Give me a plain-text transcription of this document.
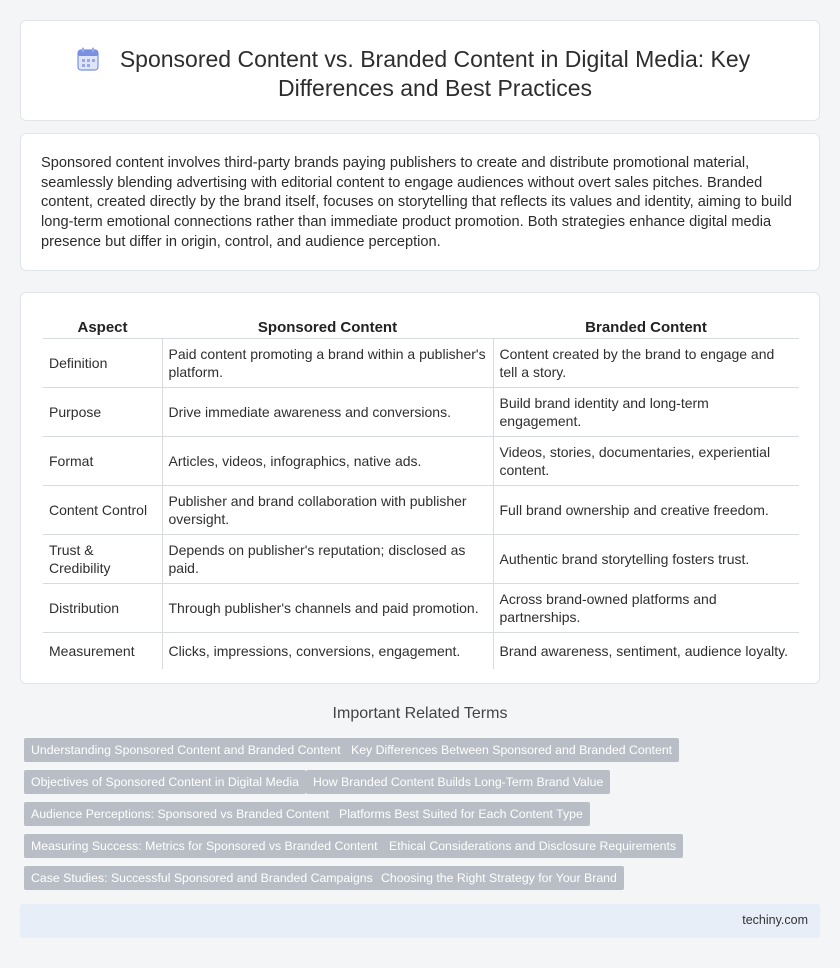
Sponsored Content vs. Branded Content in Digital Media: Key
Differences and Best Practices

Sponsored content involves third-party brands paying publishers to create and distribute promotional material, seamlessly blending advertising with editorial content to engage audiences without overt sales pitches. Branded content, created directly by the brand itself, focuses on storytelling that reflects its values and identity, aiming to build long-term emotional connections rather than immediate product promotion. Both strategies enhance digital media presence but differ in origin, control, and audience perception.

Aspect	Sponsored Content	Branded Content
Definition	Paid content promoting a brand within a publisher's platform.	Content created by the brand to engage and tell a story.
Purpose	Drive immediate awareness and conversions.	Build brand identity and long-term engagement.
Format	Articles, videos, infographics, native ads.	Videos, stories, documentaries, experiential content.
Content Control	Publisher and brand collaboration with publisher oversight.	Full brand ownership and creative freedom.
Trust & Credibility	Depends on publisher's reputation; disclosed as paid.	Authentic brand storytelling fosters trust.
Distribution	Through publisher's channels and paid promotion.	Across brand-owned platforms and partnerships.
Measurement	Clicks, impressions, conversions, engagement.	Brand awareness, sentiment, audience loyalty.
Important Related Terms
Understanding Sponsored Content and Branded Content Key Differences Between Sponsored and Branded Content
Objectives of Sponsored Content in Digital Media	How Branded Content Builds Long-Term Brand Value
Audience Perceptions: Sponsored vs Branded Content Platforms Best Suited for Each Content Type
Measuring Success: Metrics for Sponsored vs Branded Content Ethical Considerations and Disclosure Requirements
Case Studies: Successful Sponsored and Branded Campaigns Choosing the Right Strategy for Your Brand
techiny.com
